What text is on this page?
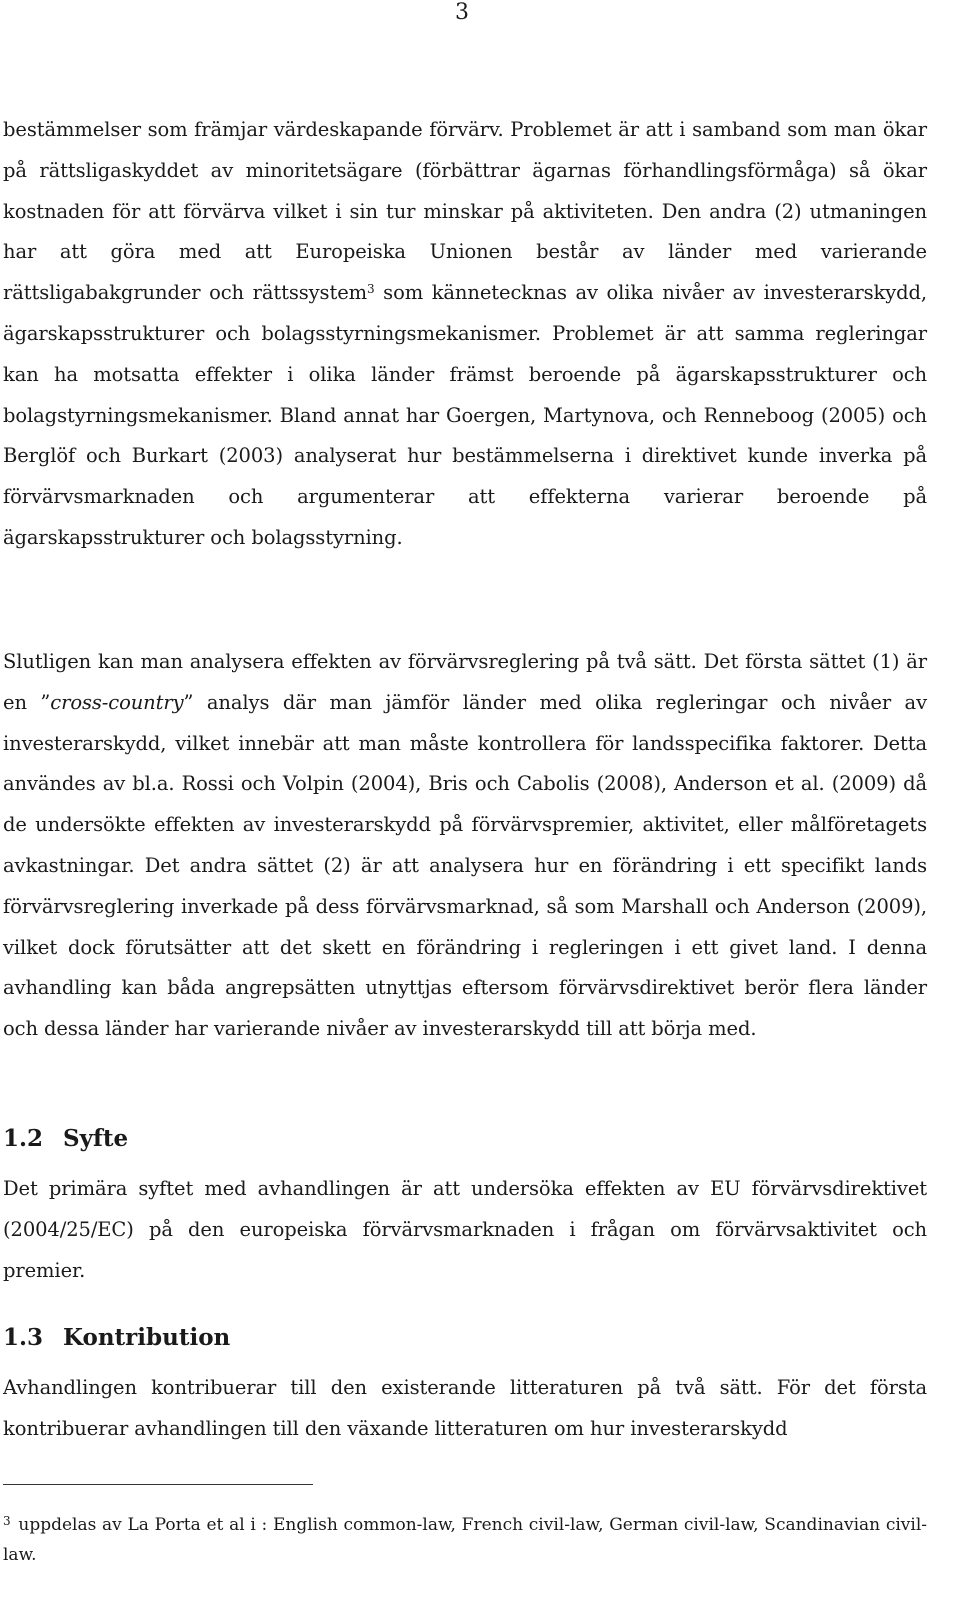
3

bestämmelser som främjar värdeskapande förvärv. Problemet är att i samband som man ökar på rättsligaskyddet av minoritetsägare (förbättrar ägarnas förhandlingsförmåga) så ökar kostnaden för att förvärva vilket i sin tur minskar på aktiviteten. Den andra (2) utmaningen har att göra med att Europeiska Unionen består av länder med varierande rättsligabakgrunder och rättssystem$^3$ som kännetecknas av olika nivåer av investerarskydd, ägarskapsstrukturer och bolagsstyrningsmekanismer. Problemet är att samma regleringar kan ha motsatta effekter i olika länder främst beroende på ägarskapsstrukturer och bolagstyrningsmekanismer. Bland annat har Goergen, Martynova, och Renneboog (2005) och Berglöf och Burkart (2003) analyserat hur bestämmelserna i direktivet kunde inverka på förvärvsmarknaden och argumenterar att effekterna varierar beroende på ägarskapsstrukturer och bolagsstyrning.

Slutligen kan man analysera effekten av förvärvsreglering på två sätt. Det första sättet (1) är en ”cross-country” analys där man jämför länder med olika regleringar och nivåer av investerarskydd, vilket innebär att man måste kontrollera för landsspecifika faktorer. Detta användes av bl.a. Rossi och Volpin (2004), Bris och Cabolis (2008), Anderson et al. (2009) då de undersökte effekten av investerarskydd på förvärvspremier, aktivitet, eller målföretagets avkastningar. Det andra sättet (2) är att analysera hur en förändring i ett specifikt lands förvärvsreglering inverkade på dess förvärvsmarknad, så som Marshall och Anderson (2009), vilket dock förutsätter att det skett en förändring i regleringen i ett givet land. I denna avhandling kan båda angrepsätten utnyttjas eftersom förvärvsdirektivet berör flera länder och dessa länder har varierande nivåer av investerarskydd till att börja med.

1.2 Syfte

Det primära syftet med avhandlingen är att undersöka effekten av EU förvärvsdirektivet (2004/25/EC) på den europeiska förvärvsmarknaden i frågan om förvärvsaktivitet och premier.

1.3 Kontribution

Avhandlingen kontribuerar till den existerande litteraturen på två sätt. För det första kontribuerar avhandlingen till den växande litteraturen om hur investerarskydd

$^3$ uppdelas av La Porta et al i : English common-law, French civil-law, German civil-law, Scandinavian civil-law.
